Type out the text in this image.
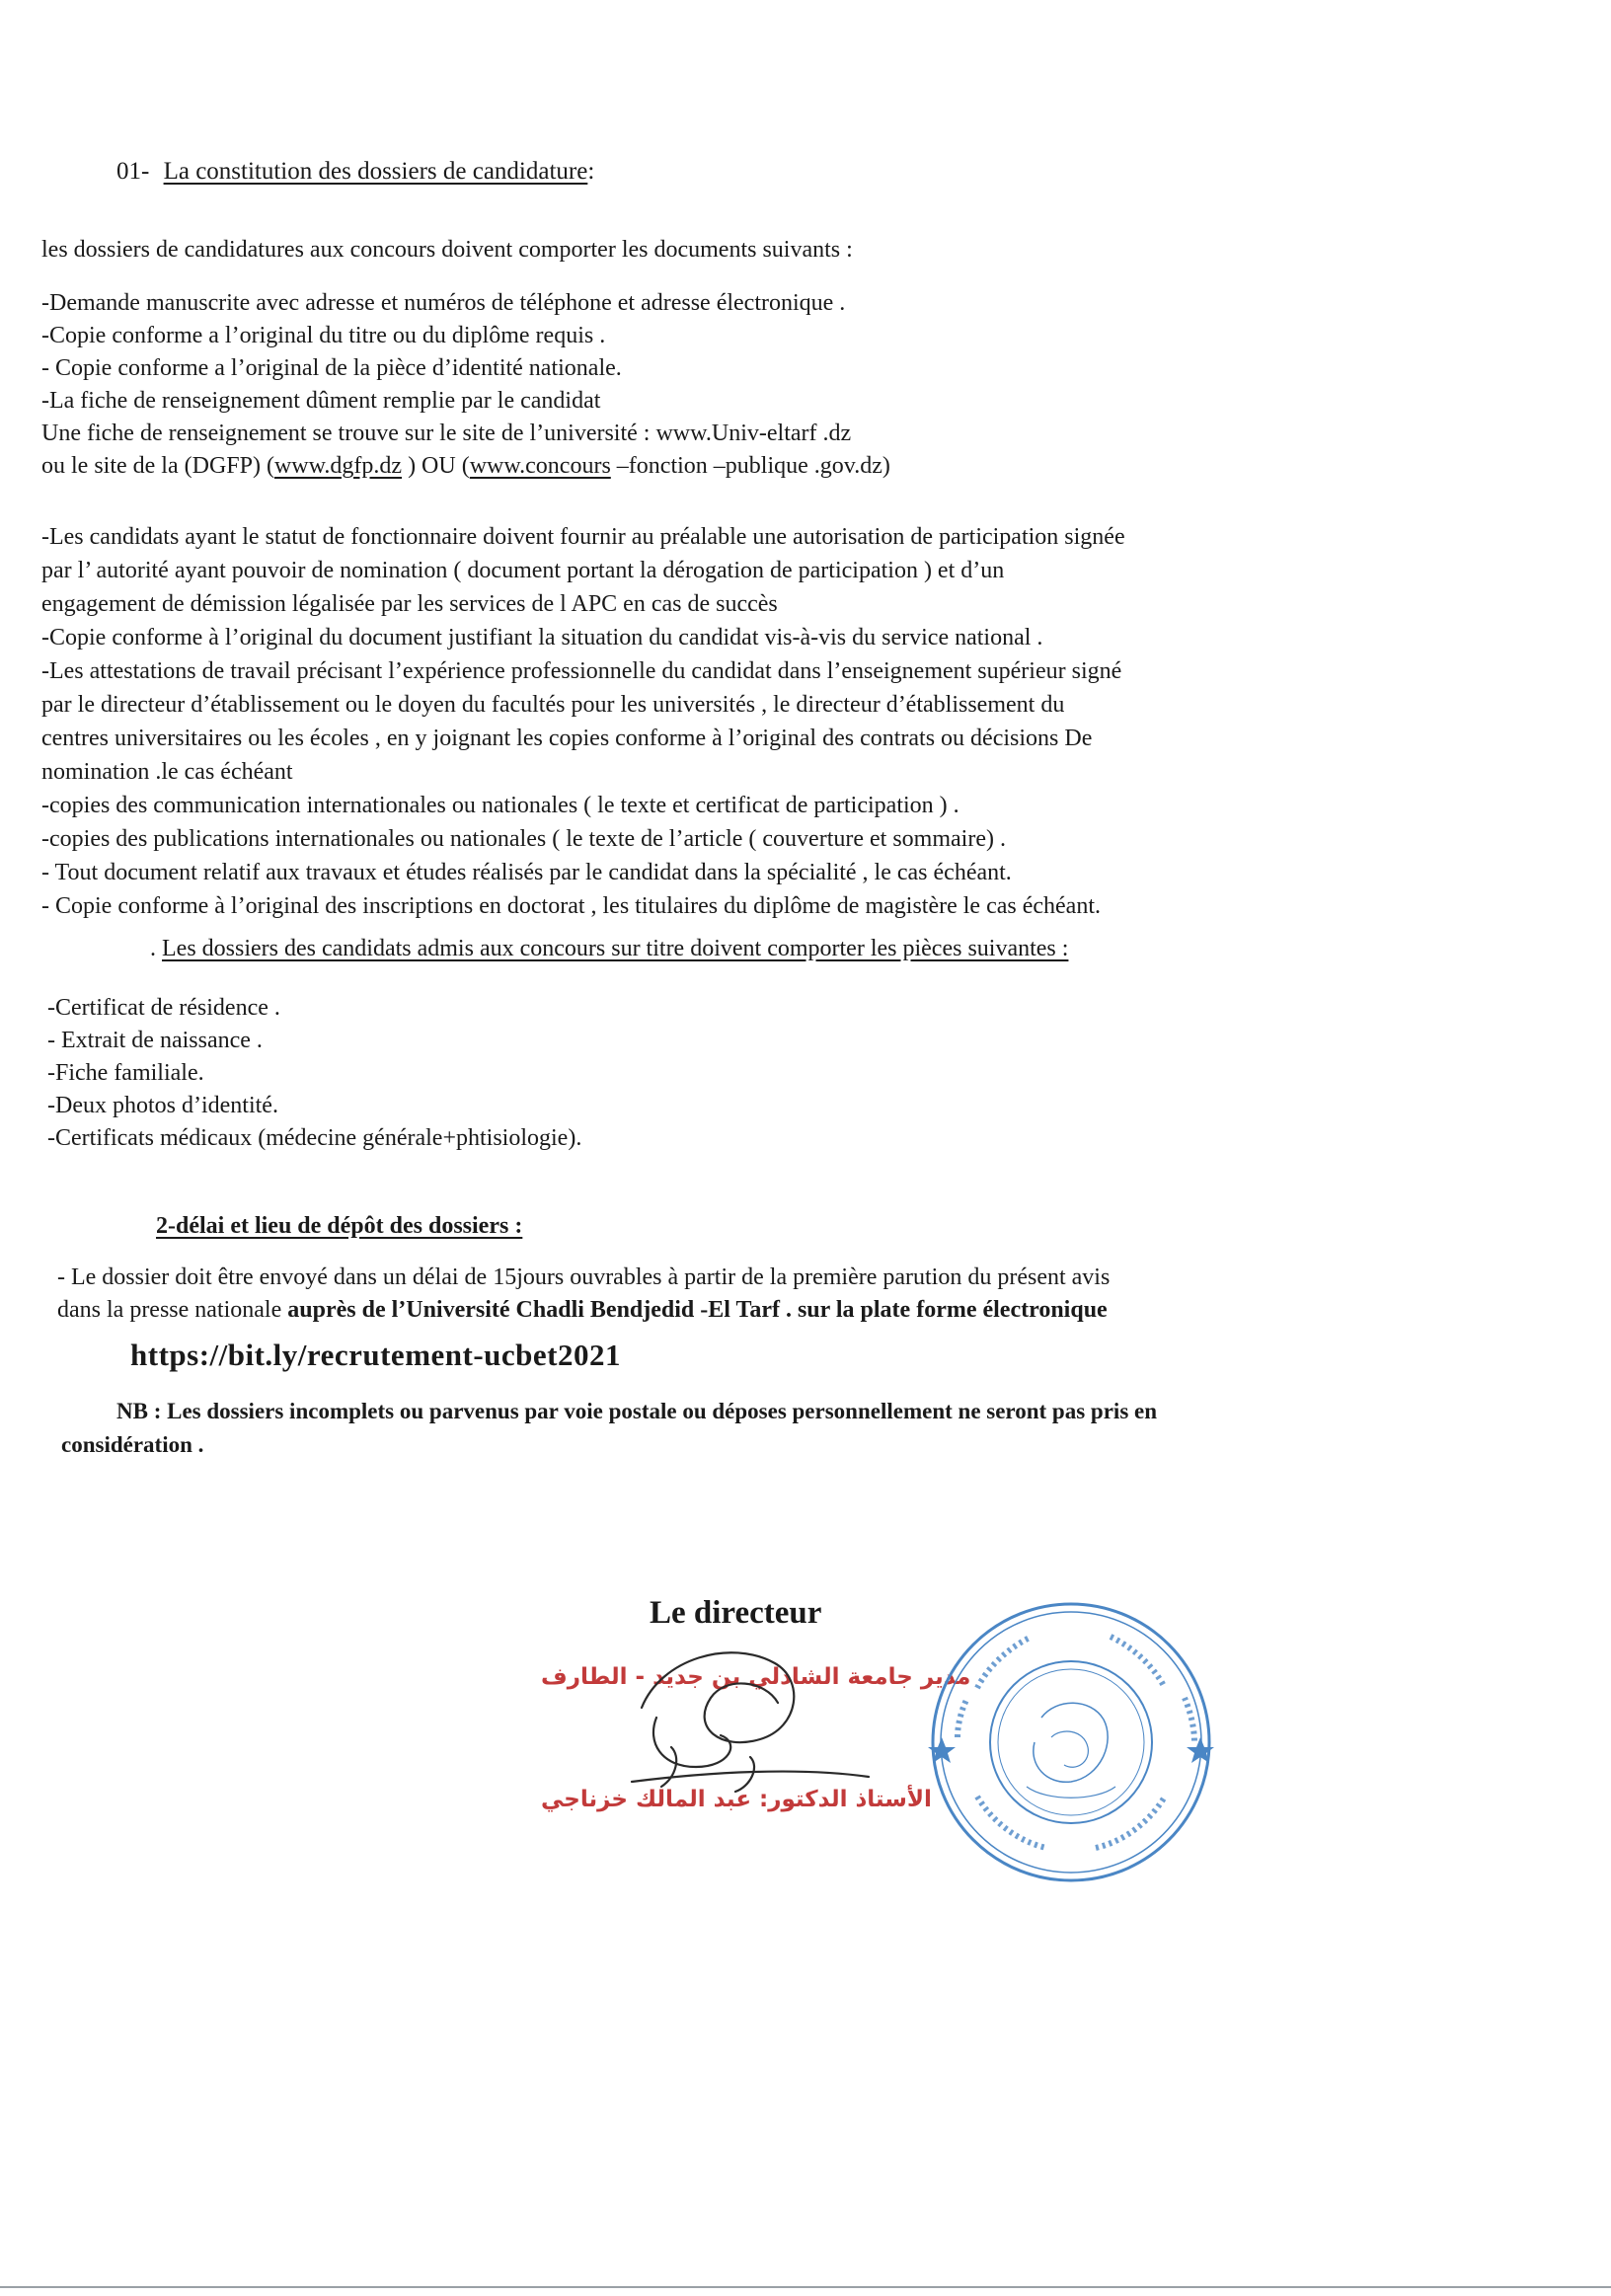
01- La constitution des dossiers de candidature:
les dossiers de candidatures aux concours doivent comporter les documents suivants :
-Demande manuscrite avec adresse et numéros de téléphone et adresse électronique .
-Copie conforme a l’original du titre ou du diplôme requis .
- Copie conforme a l’original de la pièce d’identité nationale.
-La fiche de renseignement dûment remplie par le candidat
Une fiche de renseignement se trouve sur le site de l’université : www.Univ-eltarf .dz
ou le site de la (DGFP) (www.dgfp.dz ) OU (www.concours –fonction –publique .gov.dz)
-Les candidats ayant le statut de fonctionnaire doivent fournir au préalable une autorisation de participation signée
par l’ autorité ayant pouvoir de nomination ( document portant la dérogation de participation ) et d’un
engagement de démission légalisée par les services de l APC en cas de succès
-Copie conforme à l’original du document justifiant la situation du candidat vis-à-vis du service national .
-Les attestations de travail précisant l’expérience professionnelle du candidat dans l’enseignement supérieur signé
par le directeur d’établissement ou le doyen du facultés pour les universités , le directeur d’établissement du
centres universitaires ou les écoles , en y joignant les copies conforme à l’original des contrats ou décisions De
nomination .le cas échéant
-copies des communication internationales ou nationales ( le texte et certificat de participation ) .
-copies des publications internationales ou nationales ( le texte de l’article ( couverture et sommaire) .
- Tout document relatif aux travaux et études réalisés par le candidat dans la spécialité , le cas échéant.
- Copie conforme à l’original des inscriptions en doctorat , les titulaires du diplôme de magistère le cas échéant.
. Les dossiers des candidats admis aux concours sur titre doivent comporter les pièces suivantes :
-Certificat de résidence .
- Extrait de naissance .
-Fiche familiale.
-Deux photos d’identité.
-Certificats médicaux (médecine générale+phtisiologie).
2-délai et lieu de dépôt des dossiers :
- Le dossier doit être envoyé dans un délai de 15jours ouvrables à partir de la première parution du présent avis
dans la presse nationale auprès de l’Université Chadli Bendjedid -El Tarf . sur la plate forme électronique
https://bit.ly/recrutement-ucbet2021
NB : Les dossiers incomplets ou parvenus par voie postale ou déposes personnellement ne seront pas pris en
considération .
Le directeur
مدير جامعة الشاذلي بن جديد - الطارف
الأستاذ الدكتور: عبد المالك خزناجي
